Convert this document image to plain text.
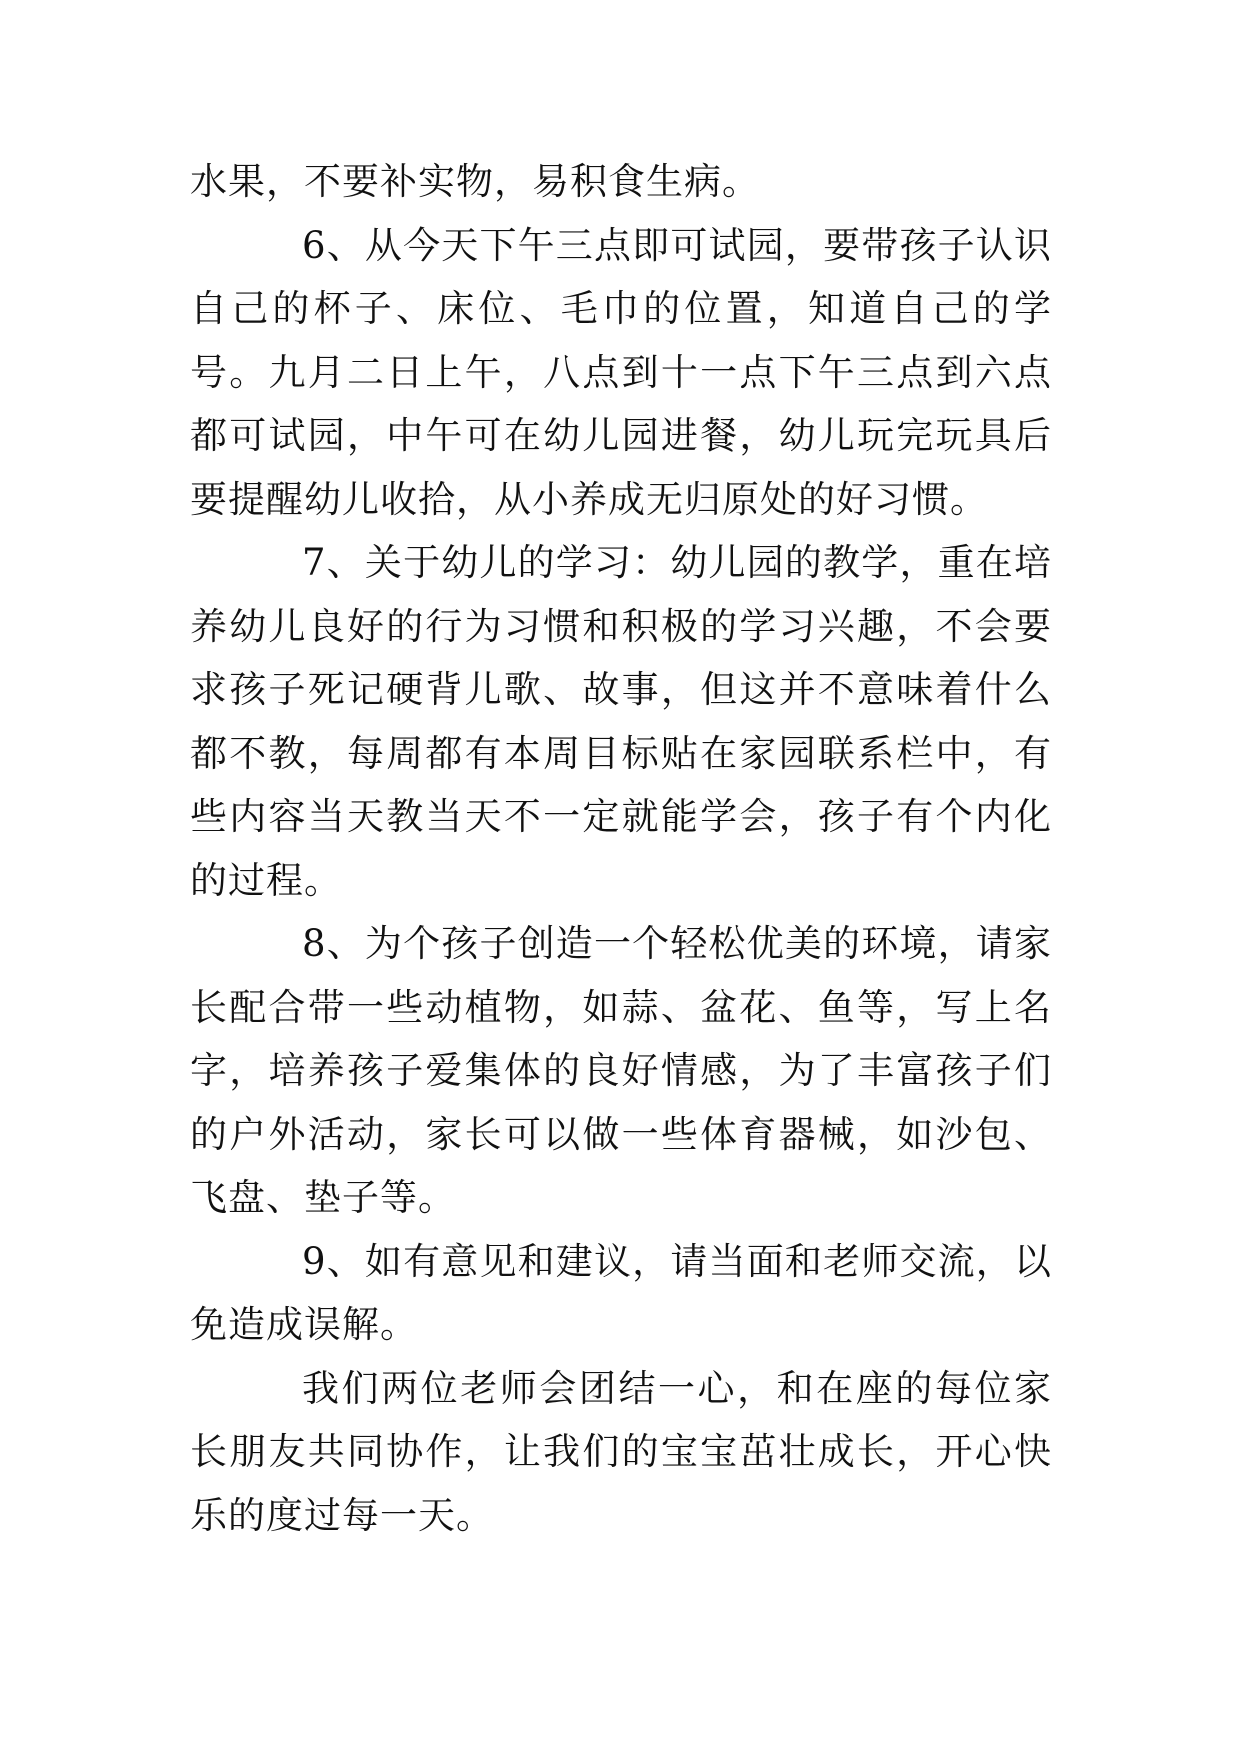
水果，不要补实物，易积食生病。

6、从今天下午三点即可试园，要带孩子认识自己的杯子、床位、毛巾的位置，知道自己的学号。九月二日上午，八点到十一点下午三点到六点都可试园，中午可在幼儿园进餐，幼儿玩完玩具后要提醒幼儿收拾，从小养成无归原处的好习惯。

7、关于幼儿的学习：幼儿园的教学，重在培养幼儿良好的行为习惯和积极的学习兴趣，不会要求孩子死记硬背儿歌、故事，但这并不意味着什么都不教，每周都有本周目标贴在家园联系栏中，有些内容当天教当天不一定就能学会，孩子有个内化的过程。

8、为个孩子创造一个轻松优美的环境，请家长配合带一些动植物，如蒜、盆花、鱼等，写上名字，培养孩子爱集体的良好情感，为了丰富孩子们的户外活动，家长可以做一些体育器械，如沙包、飞盘、垫子等。

9、如有意见和建议，请当面和老师交流，以免造成误解。

我们两位老师会团结一心，和在座的每位家长朋友共同协作，让我们的宝宝茁壮成长，开心快乐的度过每一天。
